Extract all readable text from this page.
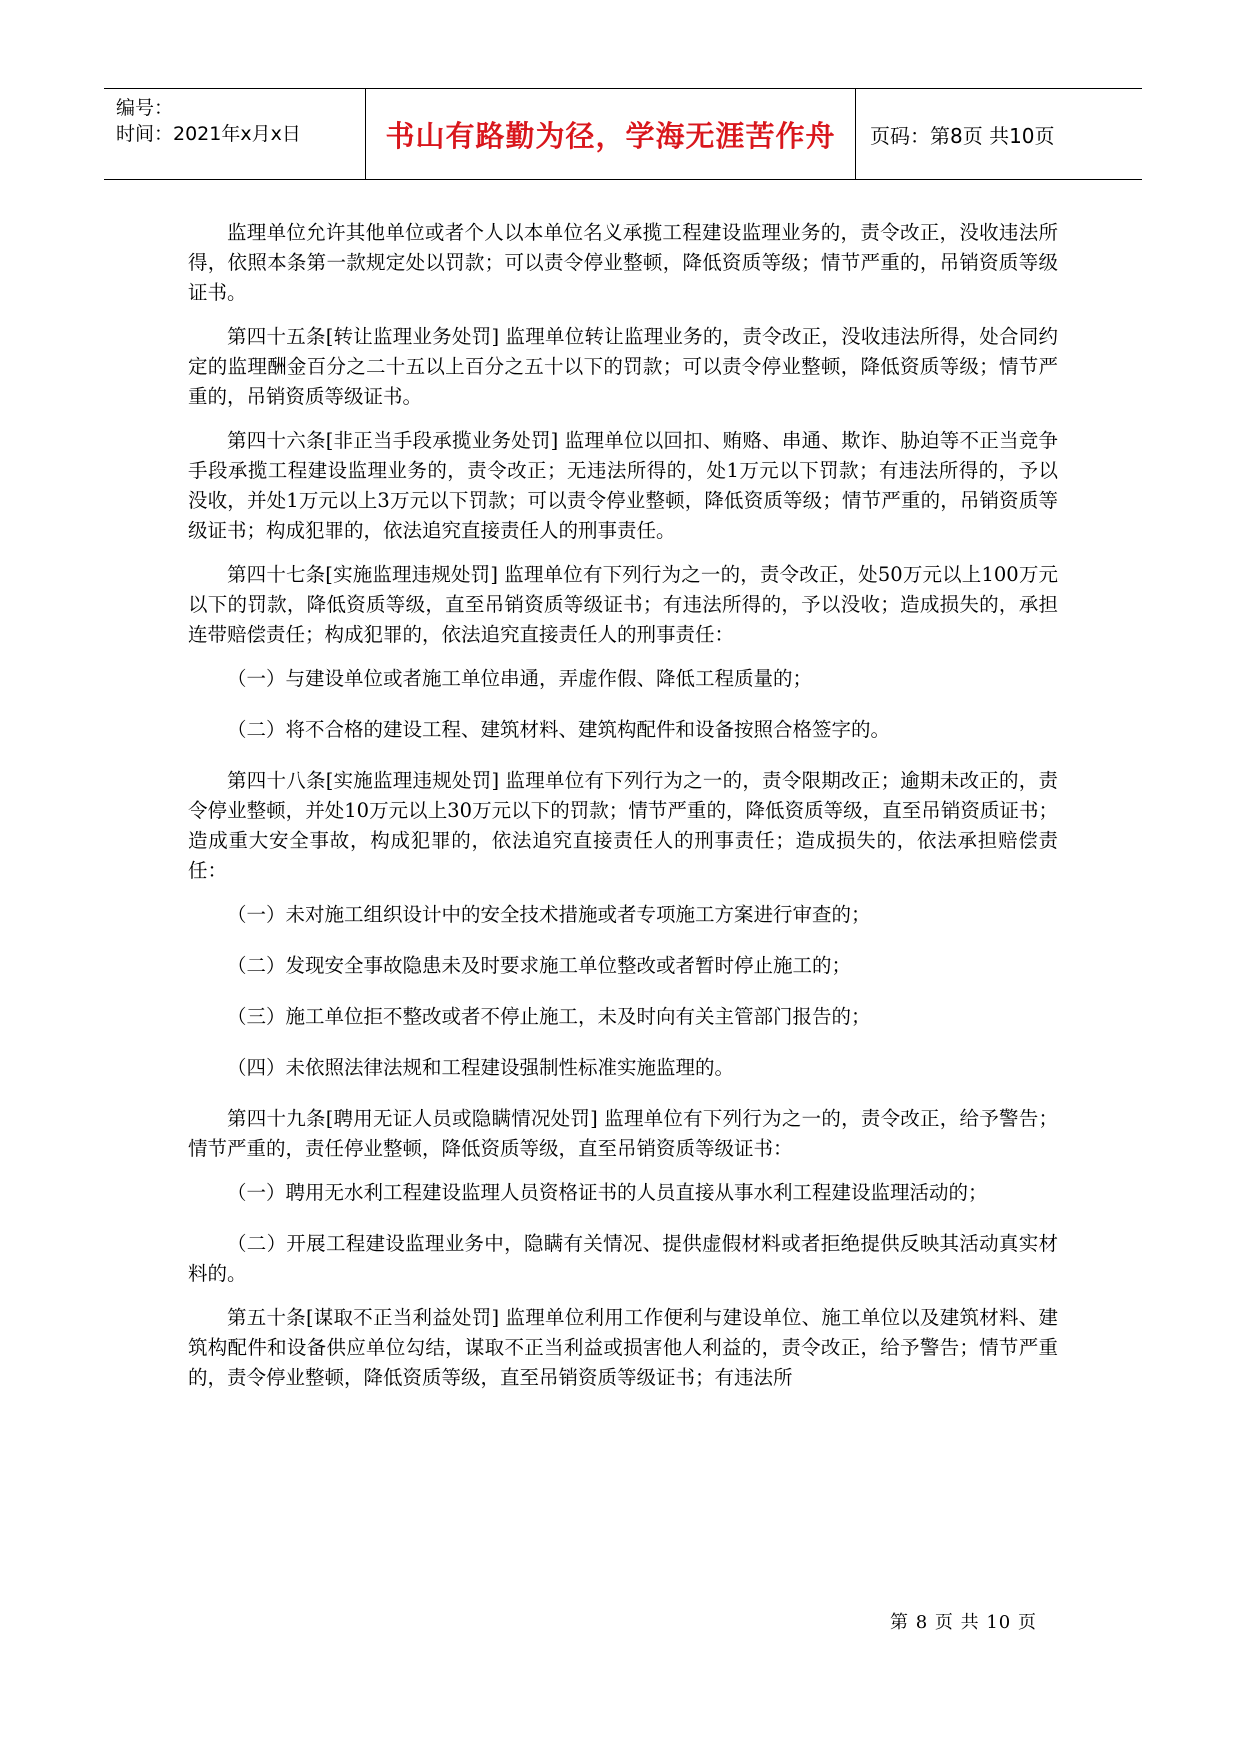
编号：
时间：2021年x月x日	书山有路勤为径，学海无涯苦作舟 页码：第8页 共10页

监理单位允许其他单位或者个人以本单位名义承揽工程建设监理业务的，责令改正，没收违法所得，依照本条第一款规定处以罚款；可以责令停业整顿，降低资质等级；情节严重的，吊销资质等级证书。

第四十五条[转让监理业务处罚] 监理单位转让监理业务的，责令改正，没收违法所得，处合同约定的监理酬金百分之二十五以上百分之五十以下的罚款；可以责令停业整顿，降低资质等级；情节严重的，吊销资质等级证书。

第四十六条[非正当手段承揽业务处罚] 监理单位以回扣、贿赂、串通、欺诈、胁迫等不正当竞争手段承揽工程建设监理业务的，责令改正；无违法所得的，处1万元以下罚款；有违法所得的，予以没收，并处1万元以上3万元以下罚款；可以责令停业整顿，降低资质等级；情节严重的，吊销资质等级证书；构成犯罪的，依法追究直接责任人的刑事责任。

第四十七条[实施监理违规处罚] 监理单位有下列行为之一的，责令改正，处50万元以上100万元以下的罚款，降低资质等级，直至吊销资质等级证书；有违法所得的，予以没收；造成损失的，承担连带赔偿责任；构成犯罪的，依法追究直接责任人的刑事责任：

（一）与建设单位或者施工单位串通，弄虚作假、降低工程质量的；

（二）将不合格的建设工程、建筑材料、建筑构配件和设备按照合格签字的。

第四十八条[实施监理违规处罚] 监理单位有下列行为之一的，责令限期改正；逾期未改正的，责令停业整顿，并处10万元以上30万元以下的罚款；情节严重的，降低资质等级，直至吊销资质证书；造成重大安全事故，构成犯罪的，依法追究直接责任人的刑事责任；造成损失的，依法承担赔偿责任：

（一）未对施工组织设计中的安全技术措施或者专项施工方案进行审查的；

（二）发现安全事故隐患未及时要求施工单位整改或者暂时停止施工的；

（三）施工单位拒不整改或者不停止施工，未及时向有关主管部门报告的；

（四）未依照法律法规和工程建设强制性标准实施监理的。

第四十九条[聘用无证人员或隐瞒情况处罚] 监理单位有下列行为之一的，责令改正，给予警告；情节严重的，责任停业整顿，降低资质等级，直至吊销资质等级证书：

（一）聘用无水利工程建设监理人员资格证书的人员直接从事水利工程建设监理活动的；

（二）开展工程建设监理业务中，隐瞒有关情况、提供虚假材料或者拒绝提供反映其活动真实材料的。

第五十条[谋取不正当利益处罚] 监理单位利用工作便利与建设单位、施工单位以及建筑材料、建筑构配件和设备供应单位勾结，谋取不正当利益或损害他人利益的，责令改正，给予警告；情节严重的，责令停业整顿，降低资质等级，直至吊销资质等级证书；有违法所

第 8 页 共 10 页
